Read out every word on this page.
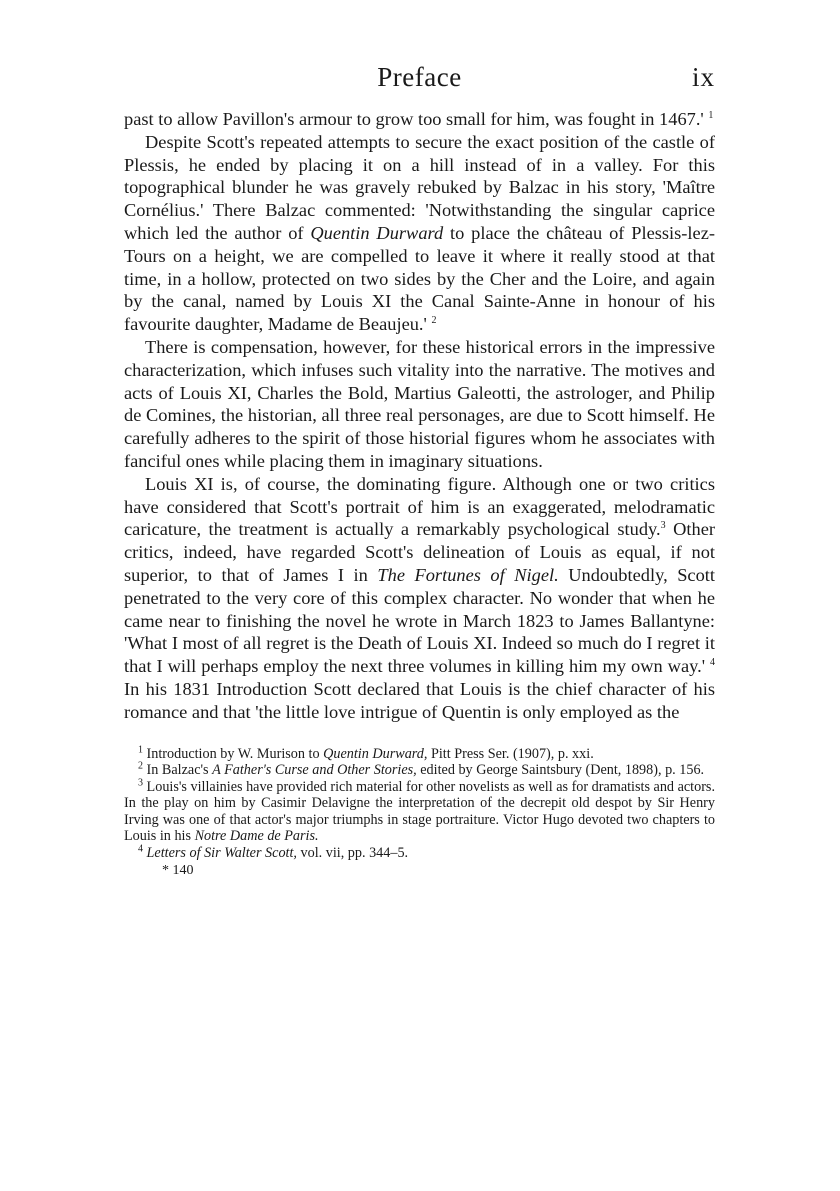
Preface	ix

past to allow Pavillon's armour to grow too small for him, was fought in 1467.' $^1$

Despite Scott's repeated attempts to secure the exact position of the castle of Plessis, he ended by placing it on a hill instead of in a valley. For this topographical blunder he was gravely rebuked by Balzac in his story, 'Maître Cornélius.' There Balzac commented: 'Notwithstanding the singular caprice which led the author of Quentin Durward to place the château of Plessis-lez-Tours on a height, we are compelled to leave it where it really stood at that time, in a hollow, protected on two sides by the Cher and the Loire, and again by the canal, named by Louis XI the Canal Sainte-Anne in honour of his favourite daughter, Madame de Beaujeu.' $^2$

There is compensation, however, for these historical errors in the impressive characterization, which infuses such vitality into the narrative. The motives and acts of Louis XI, Charles the Bold, Martius Galeotti, the astrologer, and Philip de Comines, the historian, all three real personages, are due to Scott himself. He carefully adheres to the spirit of those historial figures whom he associates with fanciful ones while placing them in imaginary situations.

Louis XI is, of course, the dominating figure. Although one or two critics have considered that Scott's portrait of him is an exaggerated, melodramatic caricature, the treatment is actually a remarkably psychological study.$^3$ Other critics, indeed, have regarded Scott's delineation of Louis as equal, if not superior, to that of James I in The Fortunes of Nigel. Undoubtedly, Scott penetrated to the very core of this complex character. No wonder that when he came near to finishing the novel he wrote in March 1823 to James Ballantyne: 'What I most of all regret is the Death of Louis XI. Indeed so much do I regret it that I will perhaps employ the next three volumes in killing him my own way.' $^4$ In his 1831 Introduction Scott declared that Louis is the chief character of his romance and that 'the little love intrigue of Quentin is only employed as the

$^1$ Introduction by W. Murison to Quentin Durward, Pitt Press Ser. (1907), p. xxi.

$^2$ In Balzac's A Father's Curse and Other Stories, edited by George Saintsbury (Dent, 1898), p. 156.

$^3$ Louis's villainies have provided rich material for other novelists as well as for dramatists and actors. In the play on him by Casimir Delavigne the interpretation of the decrepit old despot by Sir Henry Irving was one of that actor's major triumphs in stage portraiture. Victor Hugo devoted two chapters to Louis in his Notre Dame de Paris.

$^4$ Letters of Sir Walter Scott, vol. vii, pp. 344–5.

* 140
